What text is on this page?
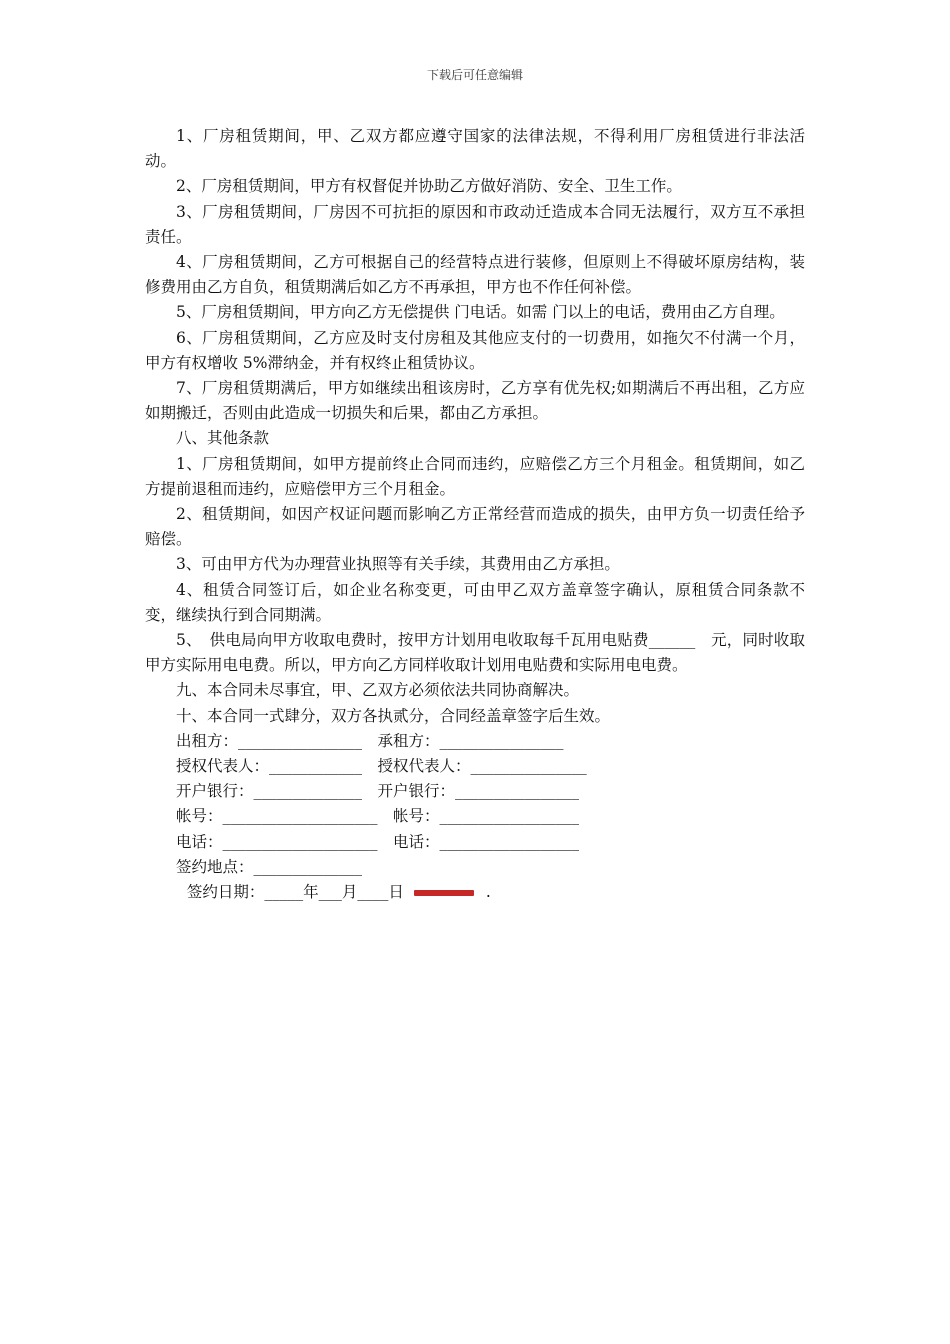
下载后可任意编辑

1、厂房租赁期间，甲、乙双方都应遵守国家的法律法规，不得利用厂房租赁进行非法活动。

2、厂房租赁期间，甲方有权督促并协助乙方做好消防、安全、卫生工作。

3、厂房租赁期间，厂房因不可抗拒的原因和市政动迁造成本合同无法履行，双方互不承担责任。

4、厂房租赁期间，乙方可根据自己的经营特点进行装修，但原则上不得破坏原房结构，装修费用由乙方自负，租赁期满后如乙方不再承担，甲方也不作任何补偿。

5、厂房租赁期间，甲方向乙方无偿提供 门电话。如需 门以上的电话，费用由乙方自理。

6、厂房租赁期间，乙方应及时支付房租及其他应支付的一切费用，如拖欠不付满一个月，甲方有权增收 5%滞纳金，并有权终止租赁协议。

7、厂房租赁期满后，甲方如继续出租该房时，乙方享有优先权;如期满后不再出租，乙方应如期搬迁，否则由此造成一切损失和后果，都由乙方承担。

八、其他条款

1、厂房租赁期间，如甲方提前终止合同而违约，应赔偿乙方三个月租金。租赁期间，如乙方提前退租而违约，应赔偿甲方三个月租金。

2、租赁期间，如因产权证问题而影响乙方正常经营而造成的损失，由甲方负一切责任给予赔偿。

3、可由甲方代为办理营业执照等有关手续，其费用由乙方承担。

4、租赁合同签订后，如企业名称变更，可由甲乙双方盖章签字确认，原租赁合同条款不变，继续执行到合同期满。

5、　供电局向甲方收取电费时，按甲方计划用电收取每千瓦用电贴费______　元，同时收取甲方实际用电电费。所以，甲方向乙方同样收取计划用电贴费和实际用电电费。

九、本合同未尽事宜，甲、乙双方必须依法共同协商解决。

十、本合同一式肆分，双方各执贰分，合同经盖章签字后生效。

出租方：________________　承租方：________________

授权代表人：____________　授权代表人：_______________

开户银行：______________　开户银行：________________

帐号：____________________　帐号：__________________

电话：____________________　电话：__________________

签约地点：______________

签约日期：_____年___月____日	.
